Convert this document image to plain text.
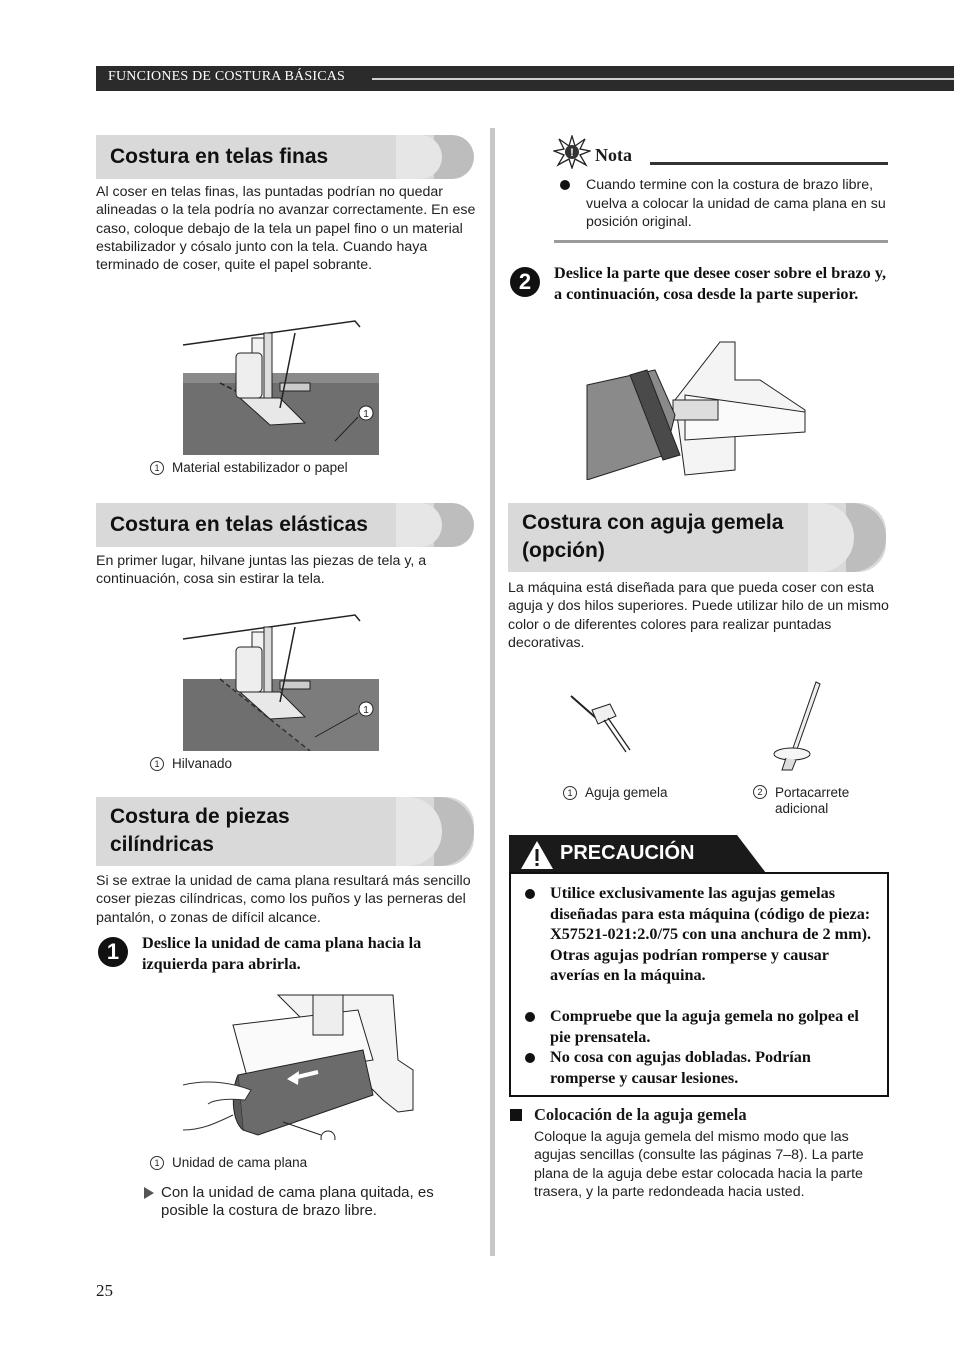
FUNCIONES DE COSTURA BÁSICAS
Costura en telas finas
Al coser en telas finas, las puntadas podrían no quedar alineadas o la tela podría no avanzar correctamente. En ese caso, coloque debajo de la tela un papel fino o un material estabilizador y cósalo junto con la tela. Cuando haya terminado de coser, quite el papel sobrante.
1
1 Material estabilizador o papel
Costura en telas elásticas
En primer lugar, hilvane juntas las piezas de tela y, a continuación, cosa sin estirar la tela.
1
1 Hilvanado
Costura de piezas
cilíndricas
Si se extrae la unidad de cama plana resultará más sencillo coser piezas cilíndricas, como los puños y las perneras del pantalón, o zonas de difícil alcance.
1	Deslice la unidad de cama plana hacia la izquierda para abrirla.
1 Unidad de cama plana
Con la unidad de cama plana quitada, es posible la costura de brazo libre.
25
! Nota
Cuando termine con la costura de brazo libre, vuelva a colocar la unidad de cama plana en su posición original.
2	Deslice la parte que desee coser sobre el brazo y, a continuación, cosa desde la parte superior.
Costura con aguja gemela
(opción)
La máquina está diseñada para que pueda coser con esta aguja y dos hilos superiores. Puede utilizar hilo de un mismo color o de diferentes colores para realizar puntadas decorativas.
1 Aguja gemela	2 Portacarrete
adicional
PRECAUCIÓN
Utilice exclusivamente las agujas gemelas diseñadas para esta máquina (código de pieza: X57521-021:2.0/75 con una anchura de 2 mm). Otras agujas podrían romperse y causar averías en la máquina.
Compruebe que la aguja gemela no golpea el pie prensatela.
No cosa con agujas dobladas. Podrían romperse y causar lesiones.
Colocación de la aguja gemela
Coloque la aguja gemela del mismo modo que las agujas sencillas (consulte las páginas 7–8). La parte plana de la aguja debe estar colocada hacia la parte trasera, y la parte redondeada hacia usted.
